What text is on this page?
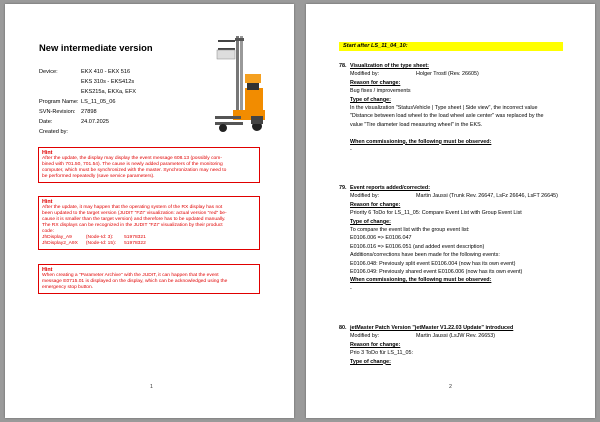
New intermediate version
Device:	EKX 410 - EKX 516
EKS 310s - EKS412s
EKS215a, EKXa, EFX
Program Name: LS_11_05_06
SVN-Revision: 27898
Date:	24.07.2025
Created by:
Hint
After the update, the display may display the event message 608.13 (possibly com-
bined with 701.50, 701.54). The cause is newly added parameters of the monitoring
computer, which must be synchronized with the master. Synchronization may need to
be performed repeatedly (save service parameters).
Hint
After the update, it may happen that the operating system of the RX display has not
been updated to the target version (JUDIT "FZI" visualization: actual version "red" be-
cause it is smaller than the target version) and therefore has to be updated manually.
The RX displays can be recognized in the JUDIT "FZI" visualization by their product
code:
JhDisplay_A9	(Node-Id: 3):	51978321
JhDisplay2_A9X	(Node-Id: 15):	51978322
Hint
When creating a "Parameter Archive" with the JUDIT, it can happen that the event
message E0715.01 is displayed on the display, which can be acknowledged using the
emergency stop button.
1
Start after LS_11_04_10:
78. Visualization of the type sheet:
Modified by:	Holger Trostl (Rev. 26605)
Reason for change:
Bug fixes / improvements
Type of change:
In the visualization "StatusVehicle | Type sheet | Side view", the incorrect value
"Distance between load wheel to the load wheel axle center" was replaced by the
value "Tire diameter load measuring wheel" in the EKS.
When commissioning, the following must be observed:
-
79. Event reports added/corrected:
Modified by:	Martin Jaussi (Trunk Rev. 26647, LsFz 26646, LsFT 26645)
Reason for change:
Priority 6 ToDo for LS_11_05: Compare Event List with Group Event List
Type of change:
To compare the event list with the group event list:
E0106.006 => E0106.047
E0106.016 => E0106.051 (and added event description)
Additions/corrections have been made for the following events:
E0106.048: Previously split event E0106.004 (now has its own event)
E0106.049: Previously shared event E0106.006 (now has its own event)
When commissioning, the following must be observed:
-
80. jetMaster Patch Version "jetMaster V1.22.03 Update" introduced
Modified by:	Martin Jaussi (LsJW Rev. 26653)
Reason for change:
Prio 3 ToDo für LS_11_05:
Type of change:
2
